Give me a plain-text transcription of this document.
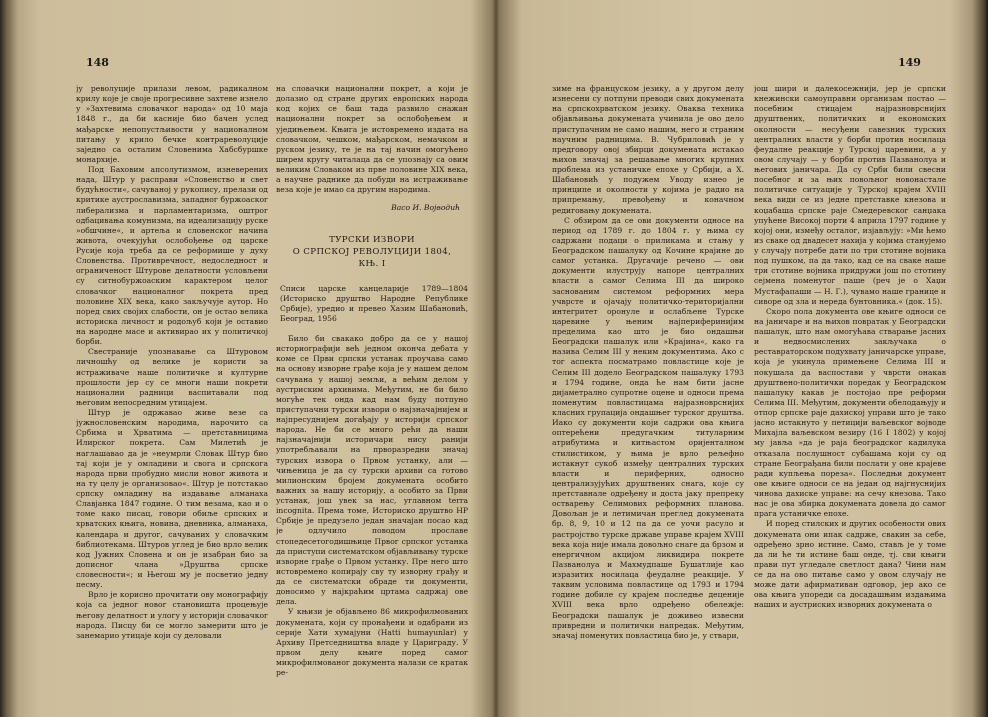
148

ју револуције прилази левом, радикалном крилу које је своје прогресивне захтеве изнело у »Захтевима словачког народа« од 10 маја 1848 г., да би касније био бачен услед мађарске непопустљивости у националном питању у крило бечке контрареволуције заједно са осталим Словенима Хабсбуршке монархије.

Под Баховим апсолутизмом, изневерених нада, Штур у расправи »Словенство и свет будућности«, сачуваној у рукопису, прелази од критике аустрославизма, западног буржоаског либерализма и парламентаризма, оштрог одбацивања комунизма, на идеализацију руске »обшчине«, и артеља и словенског начина живота, очекујући ослобођење од царске Русије која треба да се реформише у духу Словенства. Противречност, недоследност и ограниченост Штурове делатности условљени су ситнобуржоаским карактером целог словачког националног покрета пред половине XIX века, како закључује аутор. Но поред свих својих слабости, он је остао велика историска личност и родољуб који је оставио на народне масе и активирао их у политичкој борби.

Свестраније упознавање са Штуровом личношћу од велике је користи за истраживаче наше политичке и културне прошлости јер су се многи наши покрети национални радници васпитавали под његовим непосредним утицајем.

Штур је одржавао живе везе са јужнословенским народима, нарочито са Србима и Хрватима — претставницима Илирског покрета. Сам Милетић је наглашавао да је »неумрли Словак Штур био тај који је у омладини и свога и српскога народа први пробудио мисли новог живота и на ту целу је организовао«. Штур је потстакао српску омладину на издавање алманаха Славјанка 1847 године. О тим везама, као и о томе како писац, говори обиље српских и хрватских књига, новина, дневника, алманаха, календара и другог, сачуваних у словачким библиотекама. Штуров углед је био врло велик код Јужних Словена и он је изабран био за дописног члана »Друштва српске словесности«; и Његош му је посветио једну песму.

Врло је корисно прочитати ову монографију која са једног новог становишта процењује његову делатност и улогу у историји словачког народа. Писцу би се могло замерити што је занемарио утицаје који су деловали

на словачки национални покрет, а који је долазио од стране других европских народа код којих се баш тада развило снажан национални покрет за ослобођењем и уједињењем. Књига је истовремено издата на словачком, чешком, мађарском, немачком и руском језику, те је на тај начин омогућено ширем кругу читалаца да се упознају са овим великим Словаком из прве половине XIX века, а научне раднике да побуди на истраживање веза које је имао са другим народима.

Васо И. Војводић

ТУРСКИ ИЗВОРИ
О СРПСКОЈ РЕВОЛУЦИЈИ 1804,
КЊ. I

Списи царске канцеларије 1789—1804 (Историско друштво Народне Републике Србије), уредио и превео Хазим Шабановић, Београд, 1956

Било би свакако добро да се у нашој историографији већ једном оконча дебата у коме се Први српски устанак проучава само на основу изворне грађе која је у нашем делом сачувана у нашој земљи, а већим делом у аустриским архивима. Међутим, не би било могуће тек онда кад нам буду потпуно приступачни турски извори о најзначајнијем и најпресуднијем догађају у историји српског народа. Не би се много рећи да наши најзначајнији историчари нису ранији употребљавали на прворазредни значај турских извора о Првом устанку, али — чињеница је да су турски архиви са готово милионским бројем докумената особито важних за нашу историју, а особито за Први устанак, још увек за нас, углавном terra incognita. Према томе, Историско друштво НР Србије је предузело један значајан посао кад је одлучило поводом прославе стопедесетогодишњице Првог српског устанка да приступи систематском објављивању турске изворне грађе о Првом устанку. Пре него што истовремено копирају сву ту изворну грађу и да се систематски обраде ти документи, доносимо у најкраћим цртама садржај ове дела.

У књизи је објављено 86 микрофилмованих докумената, који су пронађени и одабрани из серије Хати хумајуни (Hatti humayunlar) у Архиву Претседништва владе у Цариграду. У првом делу књиге поред самог микрофилмованог документа налази се кратак ре-

149

зиме на француском језику, а у другом делу изнесени су потпуни преводи свих докумената на српскохрватском језику. Оваква техника објављивања докумената учинила је ово дело приступачним не само нашим, него и страним научним радницима. В. Чубриловић је у предговору овој збирци докумената истакао њихов значај за решавање многих крупних проблема из устаничке епохе у Србији, а Х. Шабановић у подужем Уводу изнео је принципе и околности у којима је радио на припремању, превођењу и коначном редиговању докумената.

С обзиром да се ови документи односе на период од 1789 г. до 1804 г. у њима су садржани подаци о приликама и стању у Београдском пашалуку од Кочине крајине до самог устанка. Другачије речено — ови документи илуструју напоре централних власти а самог Селима III да широко заснованим системом реформних мера учврсте и ојачају политичко-територијални интегритет оронуле и ослабљене Турске царевине у њеним најпериферинијим пределима као што је био ондашњи Београдски пашалук или »Крајина«, како га назива Селим III у неким документима. Ако с тог аспекта посматрамо повластице које је Селим III додело Београдском пашалуку 1793 и 1794 године, онда ће нам бити јасне дијаметрално супротне оцене и односи према поменутим повластицама најразноврснијих класних групација ондашњег турског друштва. Иако су документи који садржи ова књига оптерећени предугачким титуларним атрибутима и китњастом оријенталном стилистиком, у њима је врло рељефно истакнут сукоб између централних турских власти и периферних, односно централизујућих друштвених снага, које су претставнале одређену и доста јаку препреку остварењу Селимових реформних планова. Довољан је и летимичан преглед докумената бр. 8, 9, 10 и 12 па да се уочи расуло и растројство турске државе управе крајем XVIII века која није имала довољно снаге да брзом и енергичном акцијом ликвидира покрете Пазванолуа и Махмудпаше Бушатлије као изразитих носилаца феудалне реакције. У таквим условима повластице од 1793 и 1794 године добиле су крајем последње деценије XVIII века врло одређено обележје: Београдски пашалук је доживео извесни привредни и политички напредак. Међутим, значај поменутих повластица био је, у ствари,

још шири и далекосежнији, јер је српски кнежински самоуправни организам постао — посебним стицајем најразноврснијих друштвених, политичких и економских околности — несуђени савезник турских централних власти у борби против носилаца феудалне реакције у Турској царевини, а у овом случају — у борби против Пазванолуа и његових јаничара. Да су Срби били свесни посебног и за њих повољног новонастале политичке ситуације у Турској крајем XVIII века види се из једне претставке кнезова и коџабаша српске раје Смедеревског санџака упућене Високој порти 4 априла 1797 године у којој они, између осталог, изјављују: »Ми ћемо из сваке од двадесет нахија у којима станујемо у случају потребе дати по три стотине војника под пушком, па да тако, кад се на сваке наше три стотине војника придружи још по стотину сејмена поменутог паше (реч је о Хаџи Мустафапаши — Н. Г.), чувамо наше границе и сиворе од зла и нереда бунтовника.« (док. 15).

Скоро пола документа ове књиге односи се на јаничаре и на њихов повратак у Београдски пашалук, што нам омогућава стварање јасних и недвосмислених закључака о реставраторском подухвату јаничарске управе, која је укинула примењене Селима III и покушала да васпостави у чврсти онакав друштвено-политички поредак у Београдском пашалуку какав је постојао пре реформи Селима III. Међутим, документи обелодањују и отпор српске раје дахиској управи што је тако јасно истакнуто у петицији ваљевског војводе Михајла ваљевском везиру (16 I 1802) у којој му јавља »да је раја београдског кадилука отказала послушност субашама који су од стране Београђана били послати у оне крајеве ради купљења пореза«. Последњи документ ове књиге односи се на један од најгнуснијих чинова дахиске управе: на сечу кнезова. Тако нас је ова збирка докумената довела до самог прага устаничке епохе.

И поред стилских и других особености ових докумената они ипак садрже, свакин за себе, одређено зрно истине. Само, стављ је у томе да ли ће ти истине баш онде, тј. сви књиги прави пут угледале светлост дана? Чини нам се да на ово питање само у овом случају не може дати афирмативан одговор, јер ако се ова књига упореди са досадашњим издањима наших и аустриских изворних докумената о
